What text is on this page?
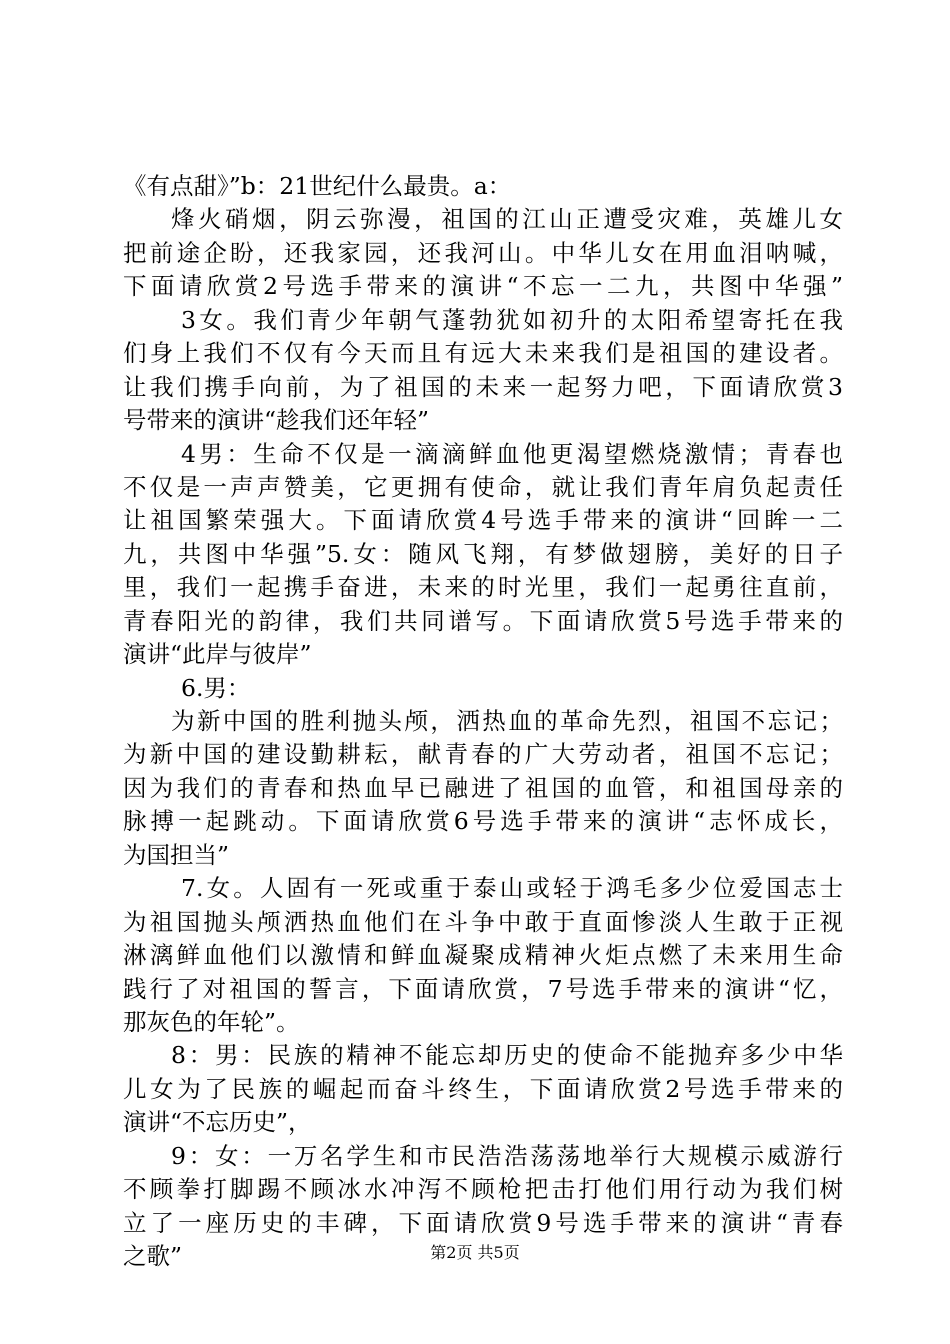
《有点甜》”b：21世纪什么最贵。a：
烽火硝烟，阴云弥漫，祖国的江山正遭受灾难，英雄儿女
把前途企盼，还我家园，还我河山。中华儿女在用血泪呐喊，
下面请欣赏2号选手带来的演讲“不忘一二九，共图中华强”
3女。我们青少年朝气蓬勃犹如初升的太阳希望寄托在我
们身上我们不仅有今天而且有远大未来我们是祖国的建设者。
让我们携手向前，为了祖国的未来一起努力吧，下面请欣赏3
号带来的演讲“趁我们还年轻”
4男：生命不仅是一滴滴鲜血他更渴望燃烧激情；青春也
不仅是一声声赞美，它更拥有使命，就让我们青年肩负起责任
让祖国繁荣强大。下面请欣赏4号选手带来的演讲“回眸一二
九，共图中华强”5.女：随风飞翔，有梦做翅膀，美好的日子
里，我们一起携手奋进，未来的时光里，我们一起勇往直前，
青春阳光的韵律，我们共同谱写。下面请欣赏5号选手带来的
演讲“此岸与彼岸”
6.男：
为新中国的胜利抛头颅，洒热血的革命先烈，祖国不忘记；
为新中国的建设勤耕耘，献青春的广大劳动者，祖国不忘记；
因为我们的青春和热血早已融进了祖国的血管，和祖国母亲的
脉搏一起跳动。下面请欣赏6号选手带来的演讲“志怀成长，
为国担当”
7.女。人固有一死或重于泰山或轻于鸿毛多少位爱国志士
为祖国抛头颅洒热血他们在斗争中敢于直面惨淡人生敢于正视
淋漓鲜血他们以激情和鲜血凝聚成精神火炬点燃了未来用生命
践行了对祖国的誓言，下面请欣赏，7号选手带来的演讲“忆，
那灰色的年轮”。
8：男：民族的精神不能忘却历史的使命不能抛弃多少中华
儿女为了民族的崛起而奋斗终生，下面请欣赏2号选手带来的
演讲“不忘历史”，
9：女：一万名学生和市民浩浩荡荡地举行大规模示威游行
不顾拳打脚踢不顾冰水冲泻不顾枪把击打他们用行动为我们树
立了一座历史的丰碑，下面请欣赏9号选手带来的演讲“青春
之歌”	第2页 共5页
